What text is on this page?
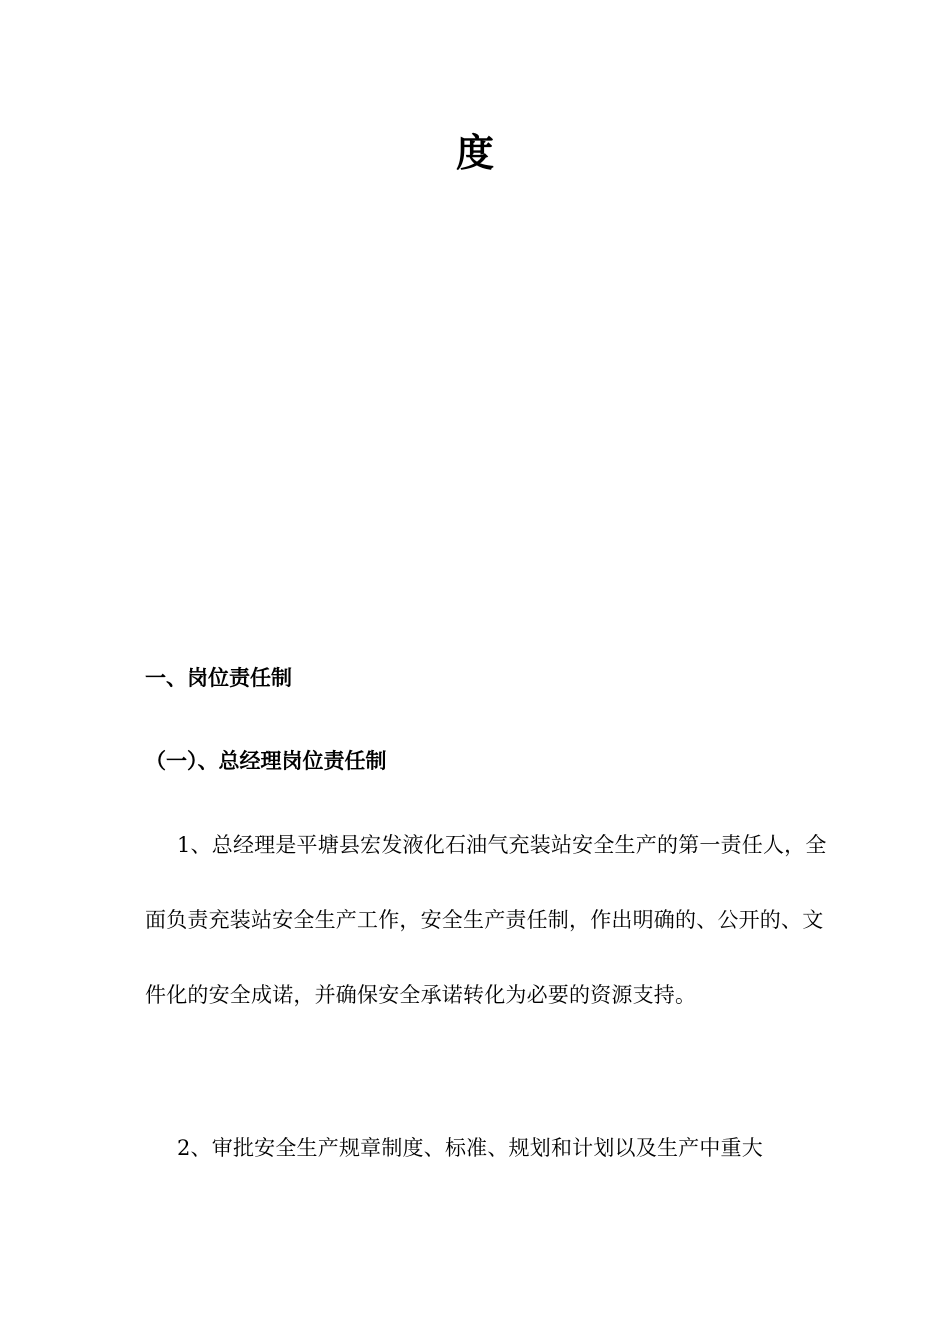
度
一、岗位责任制
（一）、总经理岗位责任制

1、总经理是平塘县宏发液化石油气充装站安全生产的第一责任人，全面负责充装站安全生产工作，安全生产责任制，作出明确的、公开的、文件化的安全成诺，并确保安全承诺转化为必要的资源支持。

2、审批安全生产规章制度、标准、规划和计划以及生产中重大
